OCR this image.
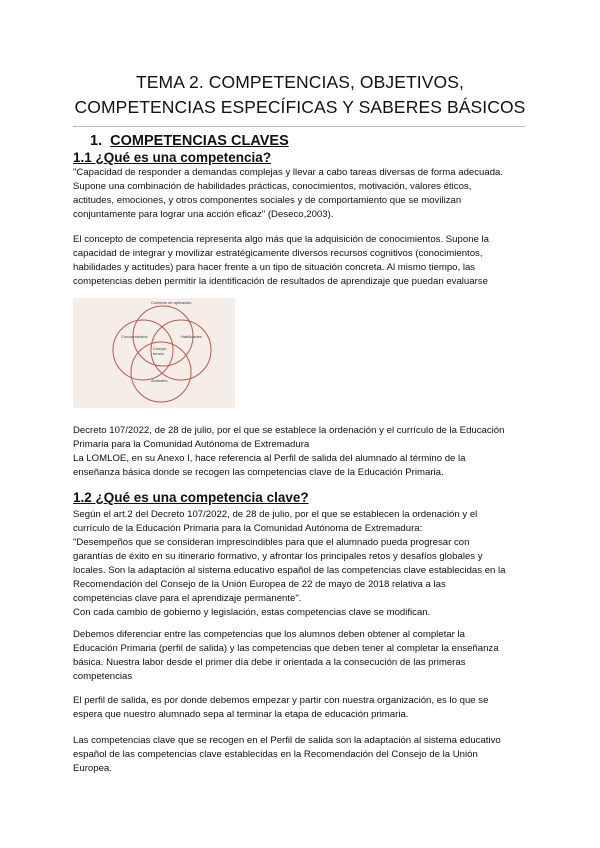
TEMA 2. COMPETENCIAS, OBJETIVOS,
COMPETENCIAS ESPECÍFICAS Y SABERES BÁSICOS
1. COMPETENCIAS CLAVES
1.1 ¿Qué es una competencia?

"Capacidad de responder a demandas complejas y llevar a cabo tareas diversas de forma adecuada.
Supone una combinación de habilidades prácticas, conocimientos, motivación, valores éticos,
actitudes, emociones, y otros componentes sociales y de comportamiento que se movilizan
conjuntamente para lograr una acción eficaz" (Deseco,2003).

El concepto de competencia representa algo más que la adquisición de conocimientos. Supone la
capacidad de integrar y movilizar estratégicamente diversos recursos cognitivos (conocimientos,
habilidades y actitudes) para hacer frente a un tipo de situación concreta. Al mismo tiempo, las
competencias deben permitir la identificación de resultados de aprendizaje que puedan evaluarse

Contexto de aplicación
Conocimientos	Habilidades
Actitudes
Compe-
tencia

Decreto 107/2022, de 28 de julio, por el que se establece la ordenación y el currículo de la Educación
Primaria para la Comunidad Autónoma de Extremadura
La LOMLOE, en su Anexo I, hace referencia al Perfil de salida del alumnado al término de la
enseñanza básica donde se recogen las competencias clave de la Educación Primaria.

1.2 ¿Qué es una competencia clave?

Según el art.2 del Decreto 107/2022, de 28 de julio, por el que se establecen la ordenación y el
currículo de la Educación Primaria para la Comunidad Autónoma de Extremadura:
"Desempeños que se consideran imprescindibles para que el alumnado pueda progresar con
garantías de éxito en su itinerario formativo, y afrontar los principales retos y desafíos globales y
locales. Son la adaptación al sistema educativo español de las competencias clave establecidas en la
Recomendación del Consejo de la Unión Europea de 22 de mayo de 2018 relativa a las
competencias clave para el aprendizaje permanente".
Con cada cambio de gobierno y legislación, estas competencias clave se modifican.

Debemos diferenciar entre las competencias que los alumnos deben obtener al completar la
Educación Primaria (perfil de salida) y las competencias que deben tener al completar la enseñanza
básica. Nuestra labor desde el primer día debe ir orientada a la consecución de las primeras
competencias

El perfil de salida, es por donde debemos empezar y partir con nuestra organización, es lo que se
espera que nuestro alumnado sepa al terminar la etapa de educación primaria.

Las competencias clave que se recogen en el Perfil de salida son la adaptación al sistema educativo
español de las competencias clave establecidas en la Recomendación del Consejo de la Unión
Europea.
